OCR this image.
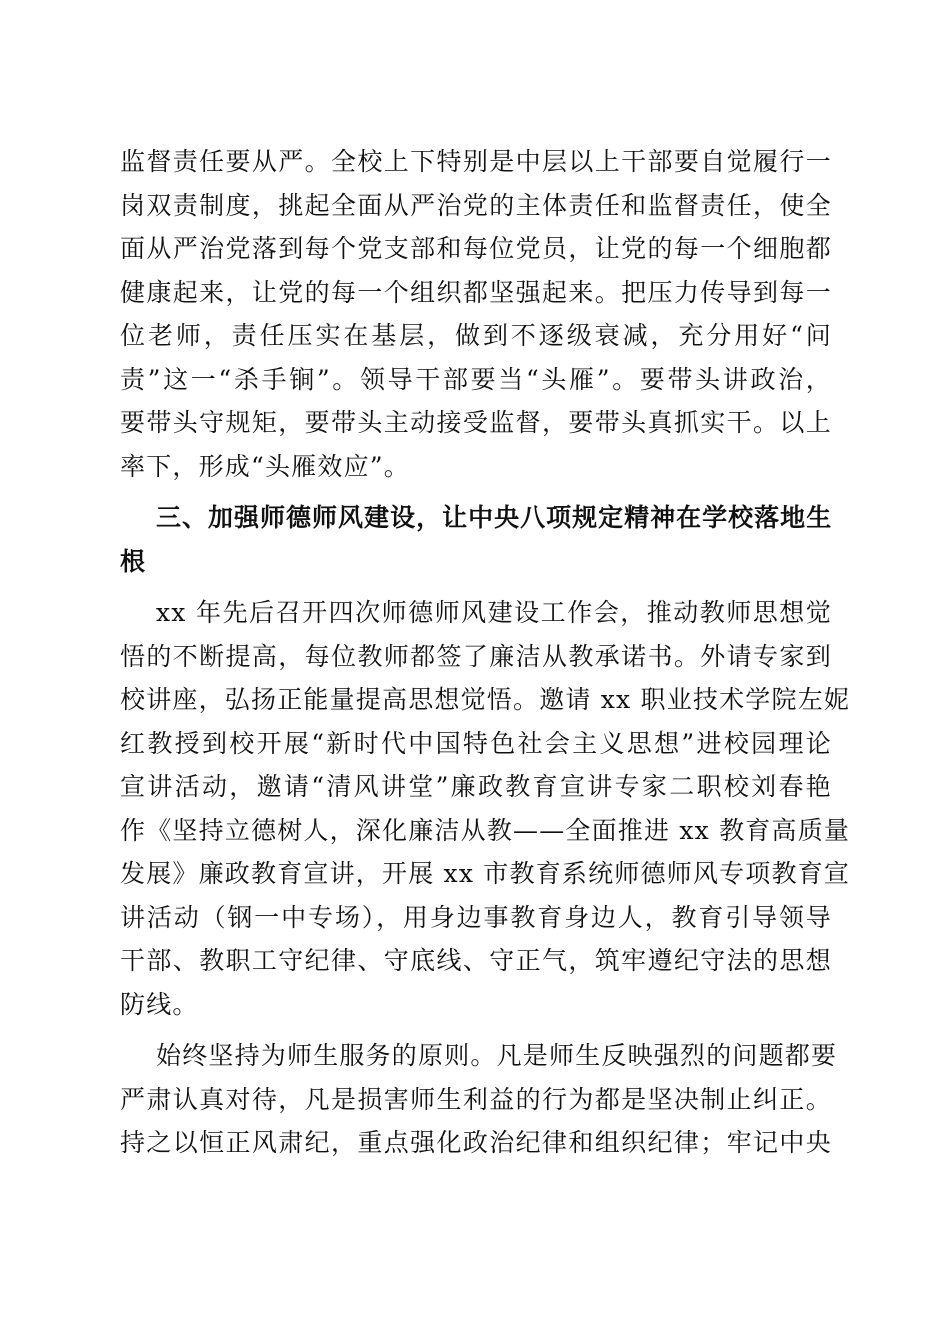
监督责任要从严。全校上下特别是中层以上干部要自觉履行一
岗双责制度，挑起全面从严治党的主体责任和监督责任，使全
面从严治党落到每个党支部和每位党员，让党的每一个细胞都
健康起来，让党的每一个组织都坚强起来。把压力传导到每一
位老师，责任压实在基层，做到不逐级衰减，充分用好“问
责”这一“杀手锏”。领导干部要当“头雁”。要带头讲政治，
要带头守规矩，要带头主动接受监督，要带头真抓实干。以上
率下，形成“头雁效应”。
三、加强师德师风建设，让中央八项规定精神在学校落地生
根
xx 年先后召开四次师德师风建设工作会，推动教师思想觉
悟的不断提高，每位教师都签了廉洁从教承诺书。外请专家到
校讲座，弘扬正能量提高思想觉悟。邀请 xx 职业技术学院左妮
红教授到校开展“新时代中国特色社会主义思想”进校园理论
宣讲活动，邀请“清风讲堂”廉政教育宣讲专家二职校刘春艳
作《坚持立德树人，深化廉洁从教——全面推进 xx 教育高质量
发展》廉政教育宣讲，开展 xx 市教育系统师德师风专项教育宣
讲活动（钢一中专场），用身边事教育身边人，教育引导领导
干部、教职工守纪律、守底线、守正气，筑牢遵纪守法的思想
防线。
始终坚持为师生服务的原则。凡是师生反映强烈的问题都要
严肃认真对待，凡是损害师生利益的行为都是坚决制止纠正。
持之以恒正风肃纪，重点强化政治纪律和组织纪律；牢记中央
